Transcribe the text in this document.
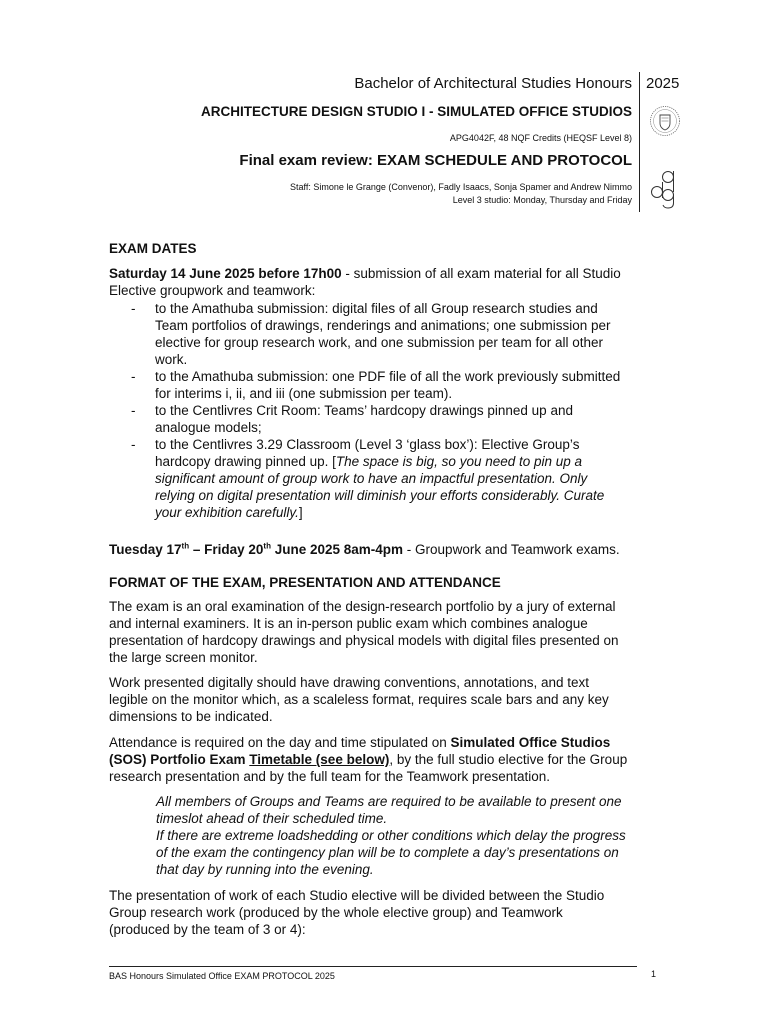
Bachelor of Architectural Studies Honours 2025
ARCHITECTURE DESIGN STUDIO I - SIMULATED OFFICE STUDIOS
APG4042F, 48 NQF Credits (HEQSF Level 8)
Final exam review: EXAM SCHEDULE AND PROTOCOL
Staff: Simone le Grange (Convenor), Fadly Isaacs, Sonja Spamer and Andrew Nimmo
Level 3 studio: Monday, Thursday and Friday
EXAM DATES
Saturday 14 June 2025 before 17h00 - submission of all exam material for all Studio
Elective groupwork and teamwork:
- to the Amathuba submission: digital files of all Group research studies and
Team portfolios of drawings, renderings and animations; one submission per
elective for group research work, and one submission per team for all other
work.
- to the Amathuba submission: one PDF file of all the work previously submitted
for interims i, ii, and iii (one submission per team).
- to the Centlivres Crit Room: Teams’ hardcopy drawings pinned up and
analogue models;
- to the Centlivres 3.29 Classroom (Level 3 ‘glass box’): Elective Group’s
hardcopy drawing pinned up. [The space is big, so you need to pin up a
significant amount of group work to have an impactful presentation. Only
relying on digital presentation will diminish your efforts considerably. Curate
your exhibition carefully.]
Tuesday 17th – Friday 20th June 2025 8am-4pm - Groupwork and Teamwork exams.
FORMAT OF THE EXAM, PRESENTATION AND ATTENDANCE
The exam is an oral examination of the design-research portfolio by a jury of external
and internal examiners. It is an in-person public exam which combines analogue
presentation of hardcopy drawings and physical models with digital files presented on
the large screen monitor.
Work presented digitally should have drawing conventions, annotations, and text
legible on the monitor which, as a scaleless format, requires scale bars and any key
dimensions to be indicated.
Attendance is required on the day and time stipulated on Simulated Office Studios
(SOS) Portfolio Exam Timetable (see below), by the full studio elective for the Group
research presentation and by the full team for the Teamwork presentation.
All members of Groups and Teams are required to be available to present one
timeslot ahead of their scheduled time.
If there are extreme loadshedding or other conditions which delay the progress
of the exam the contingency plan will be to complete a day’s presentations on
that day by running into the evening.
The presentation of work of each Studio elective will be divided between the Studio
Group research work (produced by the whole elective group) and Teamwork
(produced by the team of 3 or 4):
BAS Honours Simulated Office EXAM PROTOCOL 2025	1
